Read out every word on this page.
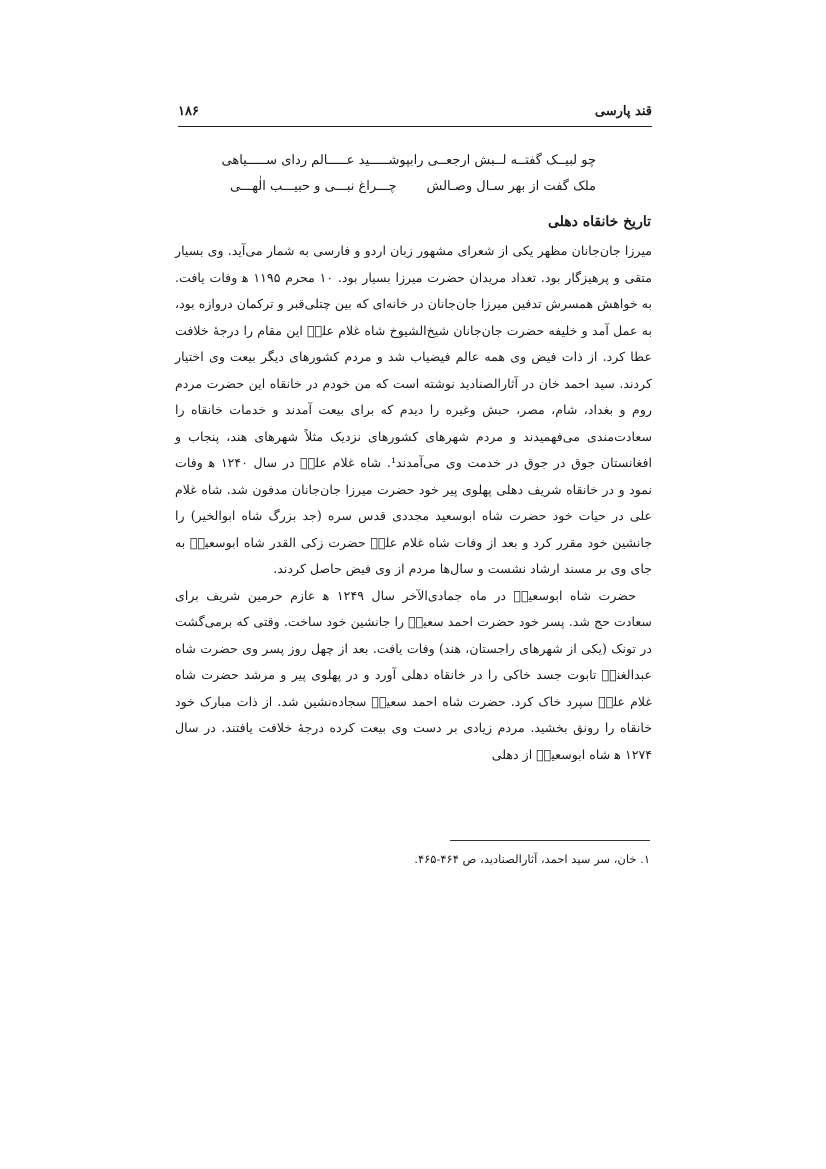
قند پارسی
۱۸۶
چو لبیــک گفتــه لــبش ارجعــی را
بپوشـــــید عـــــالم ردای ســـــیاهی
ملک گفت از بهر سـال وصـالش
چـــراغ نبـــی و حبیـــب الٰهـــی
تاریخ خانقاه دهلی

میرزا جان‌جانان مظهر یکی از شعرای مشهور زبان اردو و فارسی به شمار می‌آید. وی بسیار متقی و پرهیزگار بود. تعداد مریدان حضرت میرزا بسیار بود. ۱۰ محرم ۱۱۹۵ ﻫ وفات یافت. به خواهش همسرش تدفین میرزا جان‌جانان در خانه‌ای که بین چتلی‌قبر و ترکمان دروازه بود، به عمل آمد و خلیفه حضرت جان‌جانان شیخ‌الشیوخ شاه غلام علیؒ این مقام را درجهٔ خلافت عطا کرد. از ذات فیض وی همه عالم فیضیاب شد و مردم کشورهای دیگر بیعت وی اختیار کردند. سید احمد خان در آثارالصنادید نوشته است که من خودم در خانقاه این حضرت مردم روم و بغداد، شام، مصر، حبش وغیره را دیدم که برای بیعت آمدند و خدمات خانقاه را سعادت‌مندی می‌فهمیدند و مردم شهرهای کشورهای نزدیک مثلاً شهرهای هند، پنجاب و افغانستان جوق در جوق در خدمت وی می‌آمدند¹. شاه غلام علیؒ در سال ۱۲۴۰ ﻫ وفات نمود و در خانقاه شریف دهلی پهلوی پیر خود حضرت میرزا جان‌جانان مدفون شد. شاه غلام علی در حیات خود حضرت شاه ابوسعید مجددی قدس سره (جد بزرگ شاه ابوالخیر) را جانشین خود مقرر کرد و بعد از وفات شاه غلام علیؒ حضرت زکی القدر شاه ابوسعیدؒ به جای وی بر مسند ارشاد نشست و سال‌ها مردم از وی فیض حاصل کردند.

حضرت شاه ابوسعیدؒ در ماه جمادی‌الآخر سال ۱۲۴۹ ﻫ عازم حرمین شریف برای سعادت حج شد. پسر خود حضرت احمد سعیدؒ را جانشین خود ساخت. وقتی که برمی‌گشت در تونک (یکی از شهرهای راجستان، هند) وفات یافت. بعد از چهل روز پسر وی حضرت شاه عبدالغنیؒ تابوت جسد خاکی را در خانقاه دهلی آورد و در پهلوی پیر و مرشد حضرت شاه غلام علیؒ سپرد خاک کرد. حضرت شاه احمد سعیدؒ سجاده‌نشین شد. از ذات مبارک خود خانقاه را رونق بخشید. مردم زیادی بر دست وی بیعت کرده درجهٔ خلافت یافتند. در سال ۱۲۷۴ ﻫ شاه ابوسعیدؒ از دهلی

۱. خان، سر سید احمد، آثارالصنادید، ص ۴۶۴-۴۶۵.
